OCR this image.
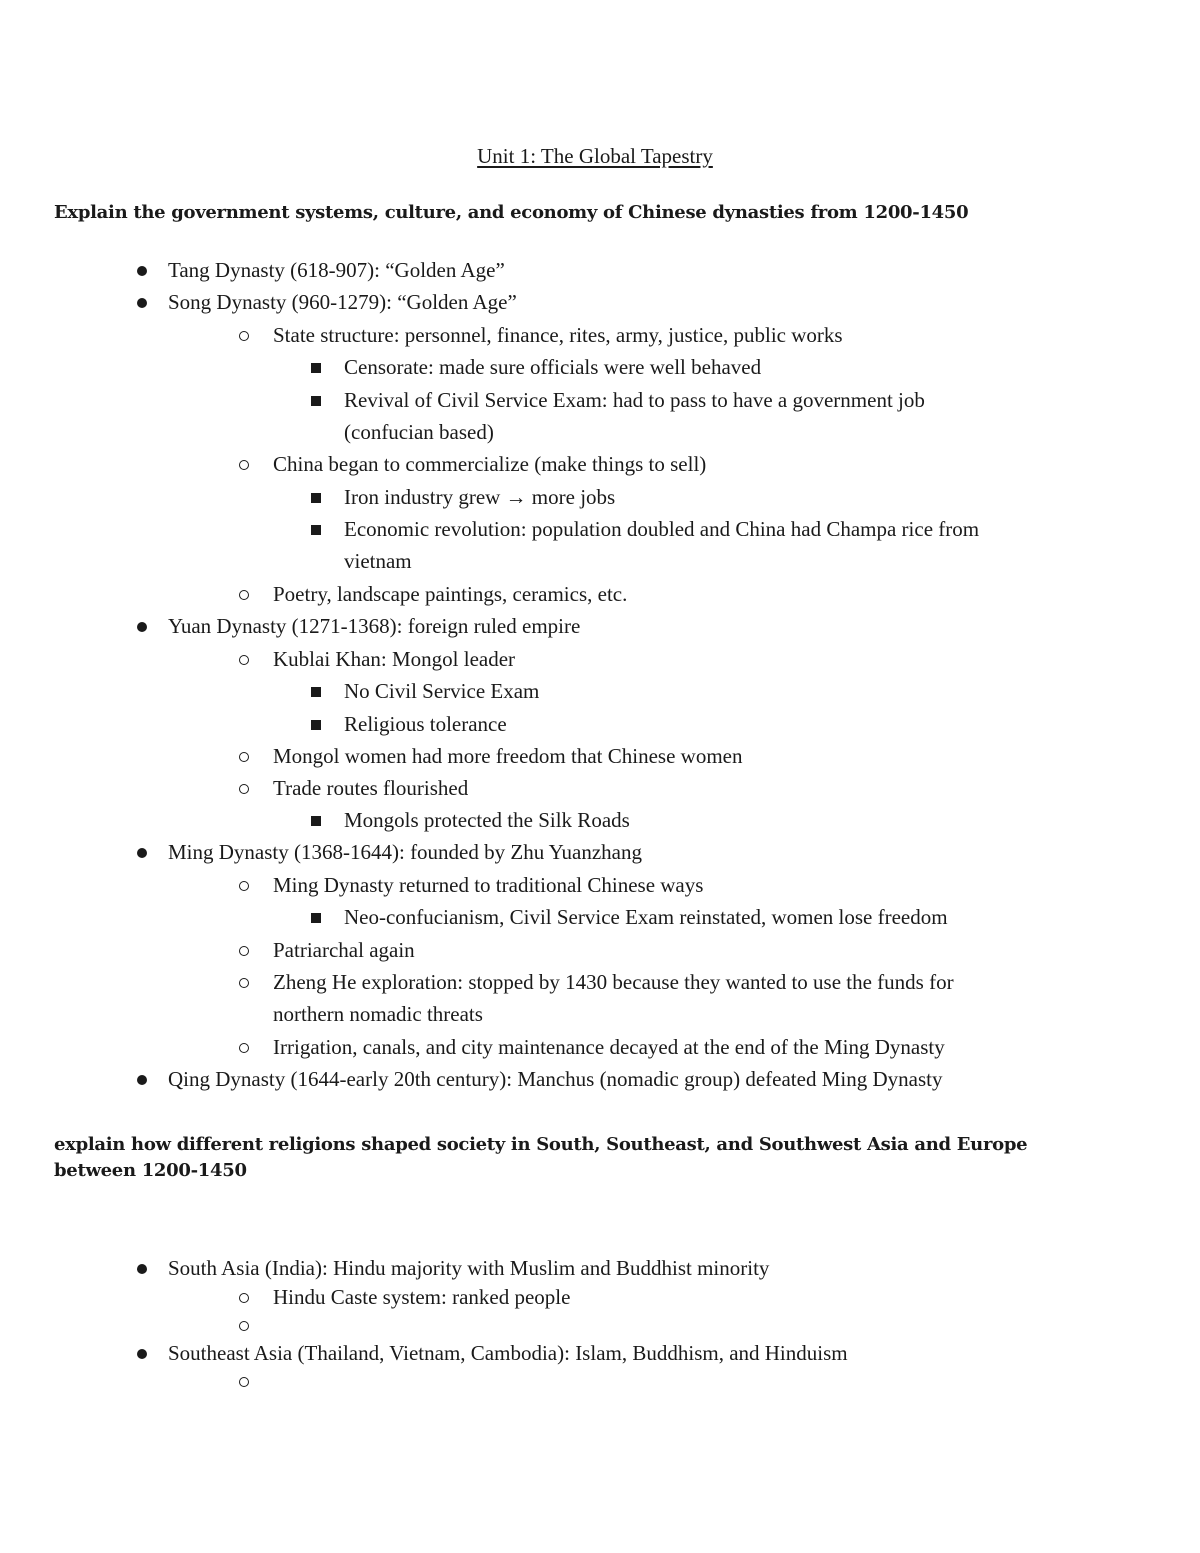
Unit 1: The Global Tapestry
Explain the government systems, culture, and economy of Chinese dynasties from 1200-1450
Tang Dynasty (618-907): “Golden Age”
Song Dynasty (960-1279): “Golden Age”
State structure: personnel, finance, rites, army, justice, public works
Censorate: made sure officials were well behaved
Revival of Civil Service Exam: had to pass to have a government job
(confucian based)
China began to commercialize (make things to sell)
Iron industry grew → more jobs
Economic revolution: population doubled and China had Champa rice from
vietnam
Poetry, landscape paintings, ceramics, etc.
Yuan Dynasty (1271-1368): foreign ruled empire
Kublai Khan: Mongol leader
No Civil Service Exam
Religious tolerance
Mongol women had more freedom that Chinese women
Trade routes flourished
Mongols protected the Silk Roads
Ming Dynasty (1368-1644): founded by Zhu Yuanzhang
Ming Dynasty returned to traditional Chinese ways
Neo-confucianism, Civil Service Exam reinstated, women lose freedom
Patriarchal again
Zheng He exploration: stopped by 1430 because they wanted to use the funds for
northern nomadic threats
Irrigation, canals, and city maintenance decayed at the end of the Ming Dynasty
Qing Dynasty (1644-early 20th century): Manchus (nomadic group) defeated Ming Dynasty
explain how different religions shaped society in South, Southeast, and Southwest Asia and Europe
between 1200-1450
South Asia (India): Hindu majority with Muslim and Buddhist minority
Hindu Caste system: ranked people
Southeast Asia (Thailand, Vietnam, Cambodia): Islam, Buddhism, and Hinduism
